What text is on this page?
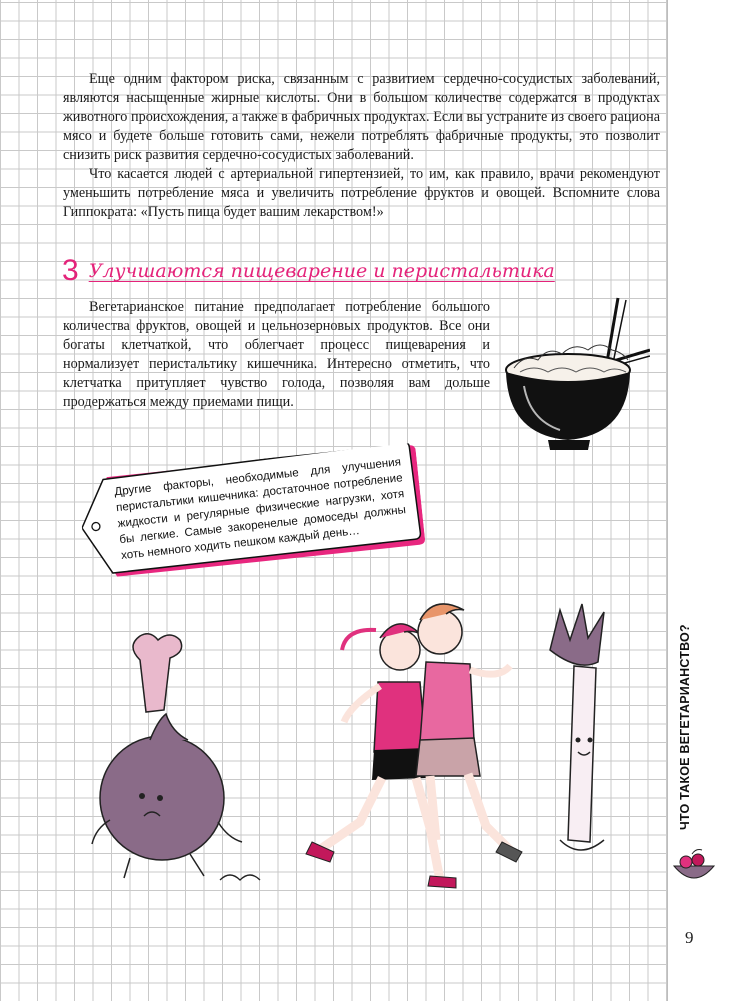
Еще одним фактором риска, связанным с развитием сердечно-сосудистых заболеваний, являются насыщенные жирные кислоты. Они в большом количестве содержатся в продуктах животного происхождения, а также в фабричных продуктах. Если вы устраните из своего рациона мясо и будете больше готовить сами, нежели потреблять фабричные продукты, это позволит снизить риск развития сердечно-сосудистых заболеваний.

Что касается людей с артериальной гипертензией, то им, как правило, врачи рекомендуют уменьшить потребление мяса и увеличить потребление фруктов и овощей. Вспомните слова Гиппократа: «Пусть пища будет вашим лекарством!»

3 Улучшаются пищеварение и перистальтика

Вегетарианское питание предполагает потребление большого количества фруктов, овощей и цельнозерновых продуктов. Все они богаты клетчаткой, что облегчает процесс пищеварения и нормализует перистальтику кишечника. Интересно отметить, что клетчатка притупляет чувство голода, позволяя вам дольше продержаться между приемами пищи.

Другие факторы, необходимые для улучшения перистальтики кишечника: достаточное потребление жидкости и регулярные физические нагрузки, хотя бы легкие. Самые закоренелые домоседы должны хоть немного ходить пешком каждый день…

ЧТО ТАКОЕ ВЕГЕТАРИАНСТВО?
9
